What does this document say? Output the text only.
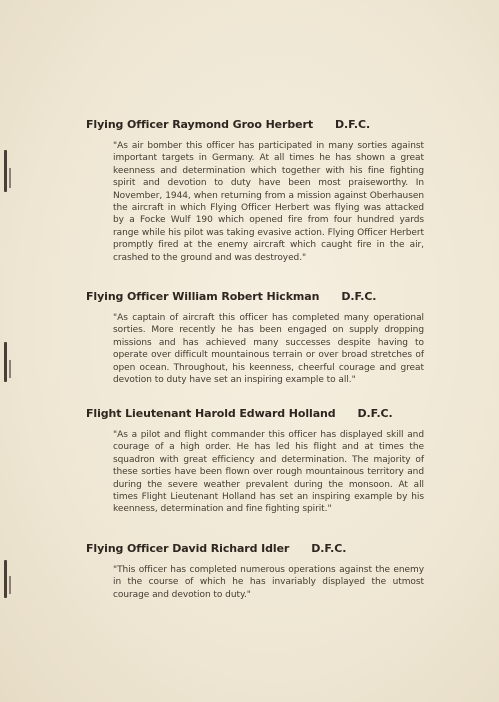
Flying Officer Raymond Groo Herbert D.F.C.
"As air bomber this officer has participated in many sorties against important targets in Germany. At all times he has shown a great keenness and determination which together with his fine fighting spirit and devotion to duty have been most praiseworthy. In November, 1944, when returning from a mission against Oberhausen the aircraft in which Flying Officer Herbert was flying was attacked by a Focke Wulf 190 which opened fire from four hundred yards range while his pilot was taking evasive action. Flying Officer Herbert promptly fired at the enemy aircraft which caught fire in the air, crashed to the ground and was destroyed."
Flying Officer William Robert Hickman D.F.C.
"As captain of aircraft this officer has completed many operational sorties. More recently he has been engaged on supply dropping missions and has achieved many successes despite having to operate over difficult mountainous terrain or over broad stretches of open ocean. Throughout, his keenness, cheerful courage and great devotion to duty have set an inspiring example to all."
Flight Lieutenant Harold Edward Holland D.F.C.
"As a pilot and flight commander this officer has displayed skill and courage of a high order. He has led his flight and at times the squadron with great efficiency and determination. The majority of these sorties have been flown over rough mountainous territory and during the severe weather prevalent during the monsoon. At all times Flight Lieutenant Holland has set an inspiring example by his keenness, determination and fine fighting spirit."
Flying Officer David Richard Idler D.F.C.
"This officer has completed numerous operations against the enemy in the course of which he has invariably displayed the utmost courage and devotion to duty."
